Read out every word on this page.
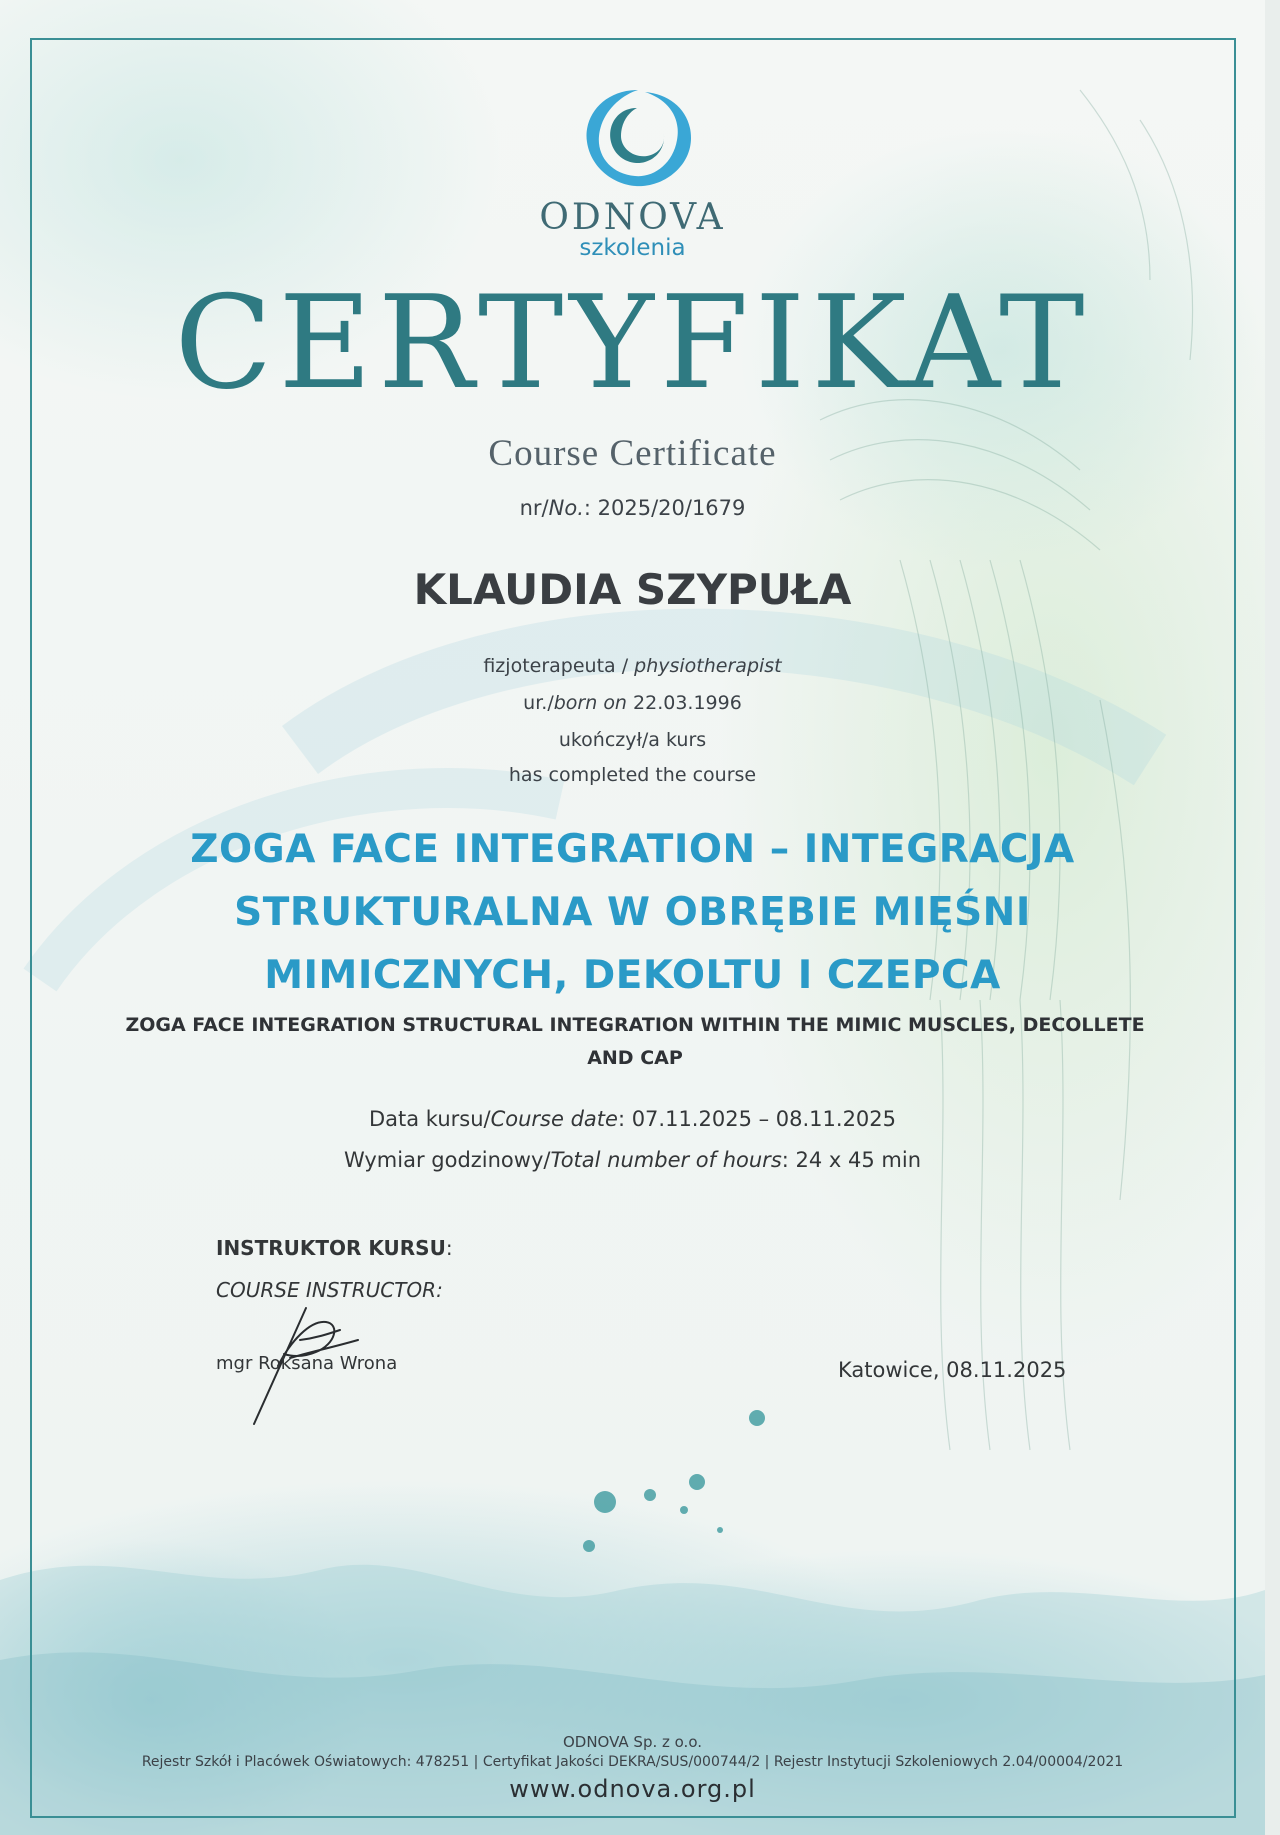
ODNOVA
szkolenia
CERTYFIKAT
Course Certificate
nr/No.: 2025/20/1679
KLAUDIA SZYPUŁA
fizjoterapeuta / physiotherapist
ur./born on 22.03.1996
ukończył/a kurs
has completed the course
ZOGA FACE INTEGRATION – INTEGRACJA STRUKTURALNA W OBRĘBIE MIĘŚNI MIMICZNYCH, DEKOLTU I CZEPCA
ZOGA FACE INTEGRATION STRUCTURAL INTEGRATION WITHIN THE MIMIC MUSCLES, DECOLLETE AND CAP
Data kursu/Course date: 07.11.2025 – 08.11.2025
Wymiar godzinowy/Total number of hours: 24 x 45 min
INSTRUKTOR KURSU:
COURSE INSTRUCTOR:
mgr Roksana Wrona	Katowice, 08.11.2025
ODNOVA Sp. z o.o.
Rejestr Szkół i Placówek Oświatowych: 478251 | Certyfikat Jakości DEKRA/SUS/000744/2 | Rejestr Instytucji Szkoleniowych 2.04/00004/2021
www.odnova.org.pl
